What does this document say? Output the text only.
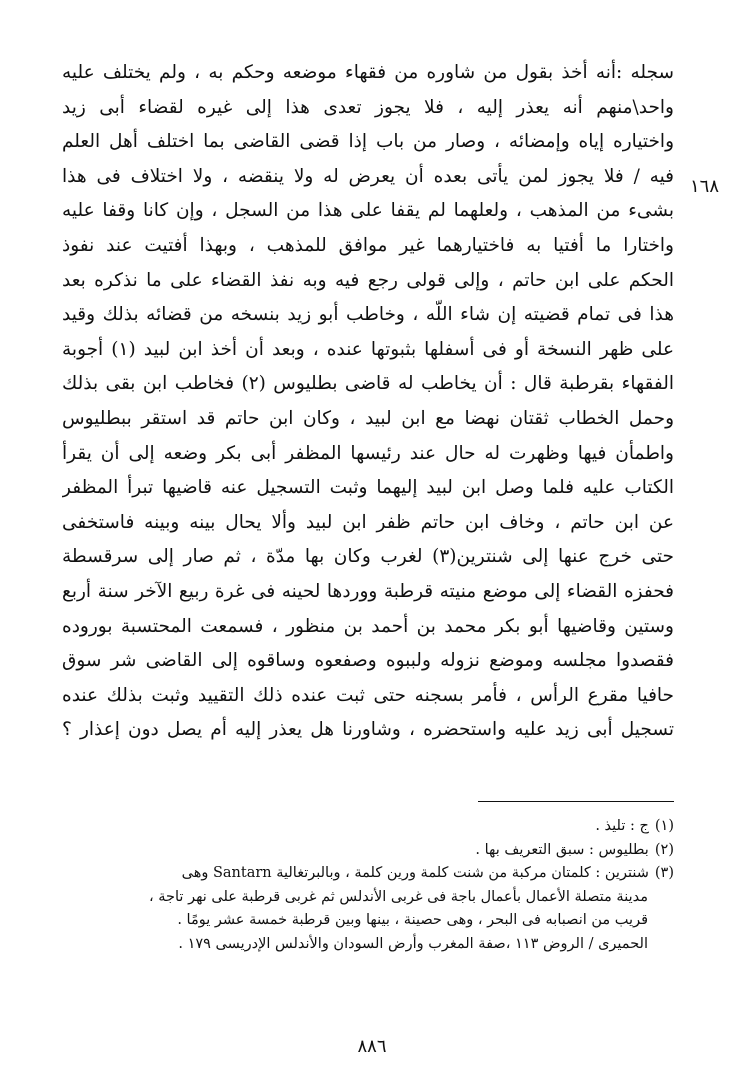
سجله :أنه أخذ بقول من شاوره من فقهاء موضعه وحكم به ، ولم يختلف عليه
واحد\منهم أنه يعذر إليه ، فلا يجوز تعدى هذا إلى غيره لقضاء أبى زيد
واختياره إياه وإمضائه ، وصار من باب إذا قضى القاضى بما اختلف أهل العلم
فيه / فلا يجوز لمن يأتى بعده أن يعرض له ولا ينقضه ، ولا اختلاف فى هذا
بشىء من المذهب ، ولعلهما لم يقفا على هذا من السجل ، وإن كانا وقفا عليه
واختارا ما أفتيا به فاختيارهما غير موافق للمذهب ، وبهذا أفتيت عند نفوذ
الحكم على ابن حاتم ، وإلى قولى رجع فيه وبه نفذ القضاء على ما نذكره بعد
هذا فى تمام قضيته إن شاء اللّه ، وخاطب أبو زيد بنسخه من قضائه بذلك وقيد
على ظهر النسخة أو فى أسفلها بثبوتها عنده ، وبعد أن أخذ ابن لبيد (١) أجوبة
الفقهاء بقرطبة قال : أن يخاطب له قاضى بطليوس (٢) فخاطب ابن بقى بذلك
وحمل الخطاب ثقتان نهضا مع ابن لبيد ، وكان ابن حاتم قد استقر ببطليوس
واطمأن فيها وظهرت له حال عند رئيسها المظفر أبى بكر وضعه إلى أن يقرأ
الكتاب عليه فلما وصل ابن لبيد إليهما وثبت التسجيل عنه قاضيها تبرأ المظفر
عن ابن حاتم ، وخاف ابن حاتم ظفر ابن لبيد وألا يحال بينه وبينه فاستخفى
حتى خرج عنها إلى شنترين(٣) لغرب وكان بها مدّة ، ثم صار إلى سرقسطة
فحفزه القضاء إلى موضع منيته قرطبة ووردها لحينه فى غرة ربيع الآخر سنة أربع
وستين وقاضيها أبو بكر محمد بن أحمد بن منظور ، فسمعت المحتسبة بوروده
فقصدوا مجلسه وموضع نزوله ولببوه وصفعوه وساقوه إلى القاضى شر سوق
حافيا مقرع الرأس ، فأمر بسجنه حتى ثبت عنده ذلك التقييد وثبت بذلك عنده
تسجيل أبى زيد عليه واستحضره ، وشاورنا هل يعذر إليه أم يصل دون إعذار ؟
١٦٨
(١)ج : تليذ .
(٢)بطليوس : سبق التعريف بها .
(٣)شنترين : كلمتان مركبة من شنت كلمة ورين كلمة ، وبالبرتغالية Santarn وهى
مدينة متصلة الأعمال بأعمال باجة فى غربى الأندلس ثم غربى قرطبة على نهر تاجة ،
قريب من انصبابه فى البحر ، وهى حصينة ، بينها وبين قرطبة خمسة عشر يومًا .
الحميرى / الروض ١١٣ ،صفة المغرب وأرض السودان والأندلس الإدريسى ١٧٩ .
٨٨٦
